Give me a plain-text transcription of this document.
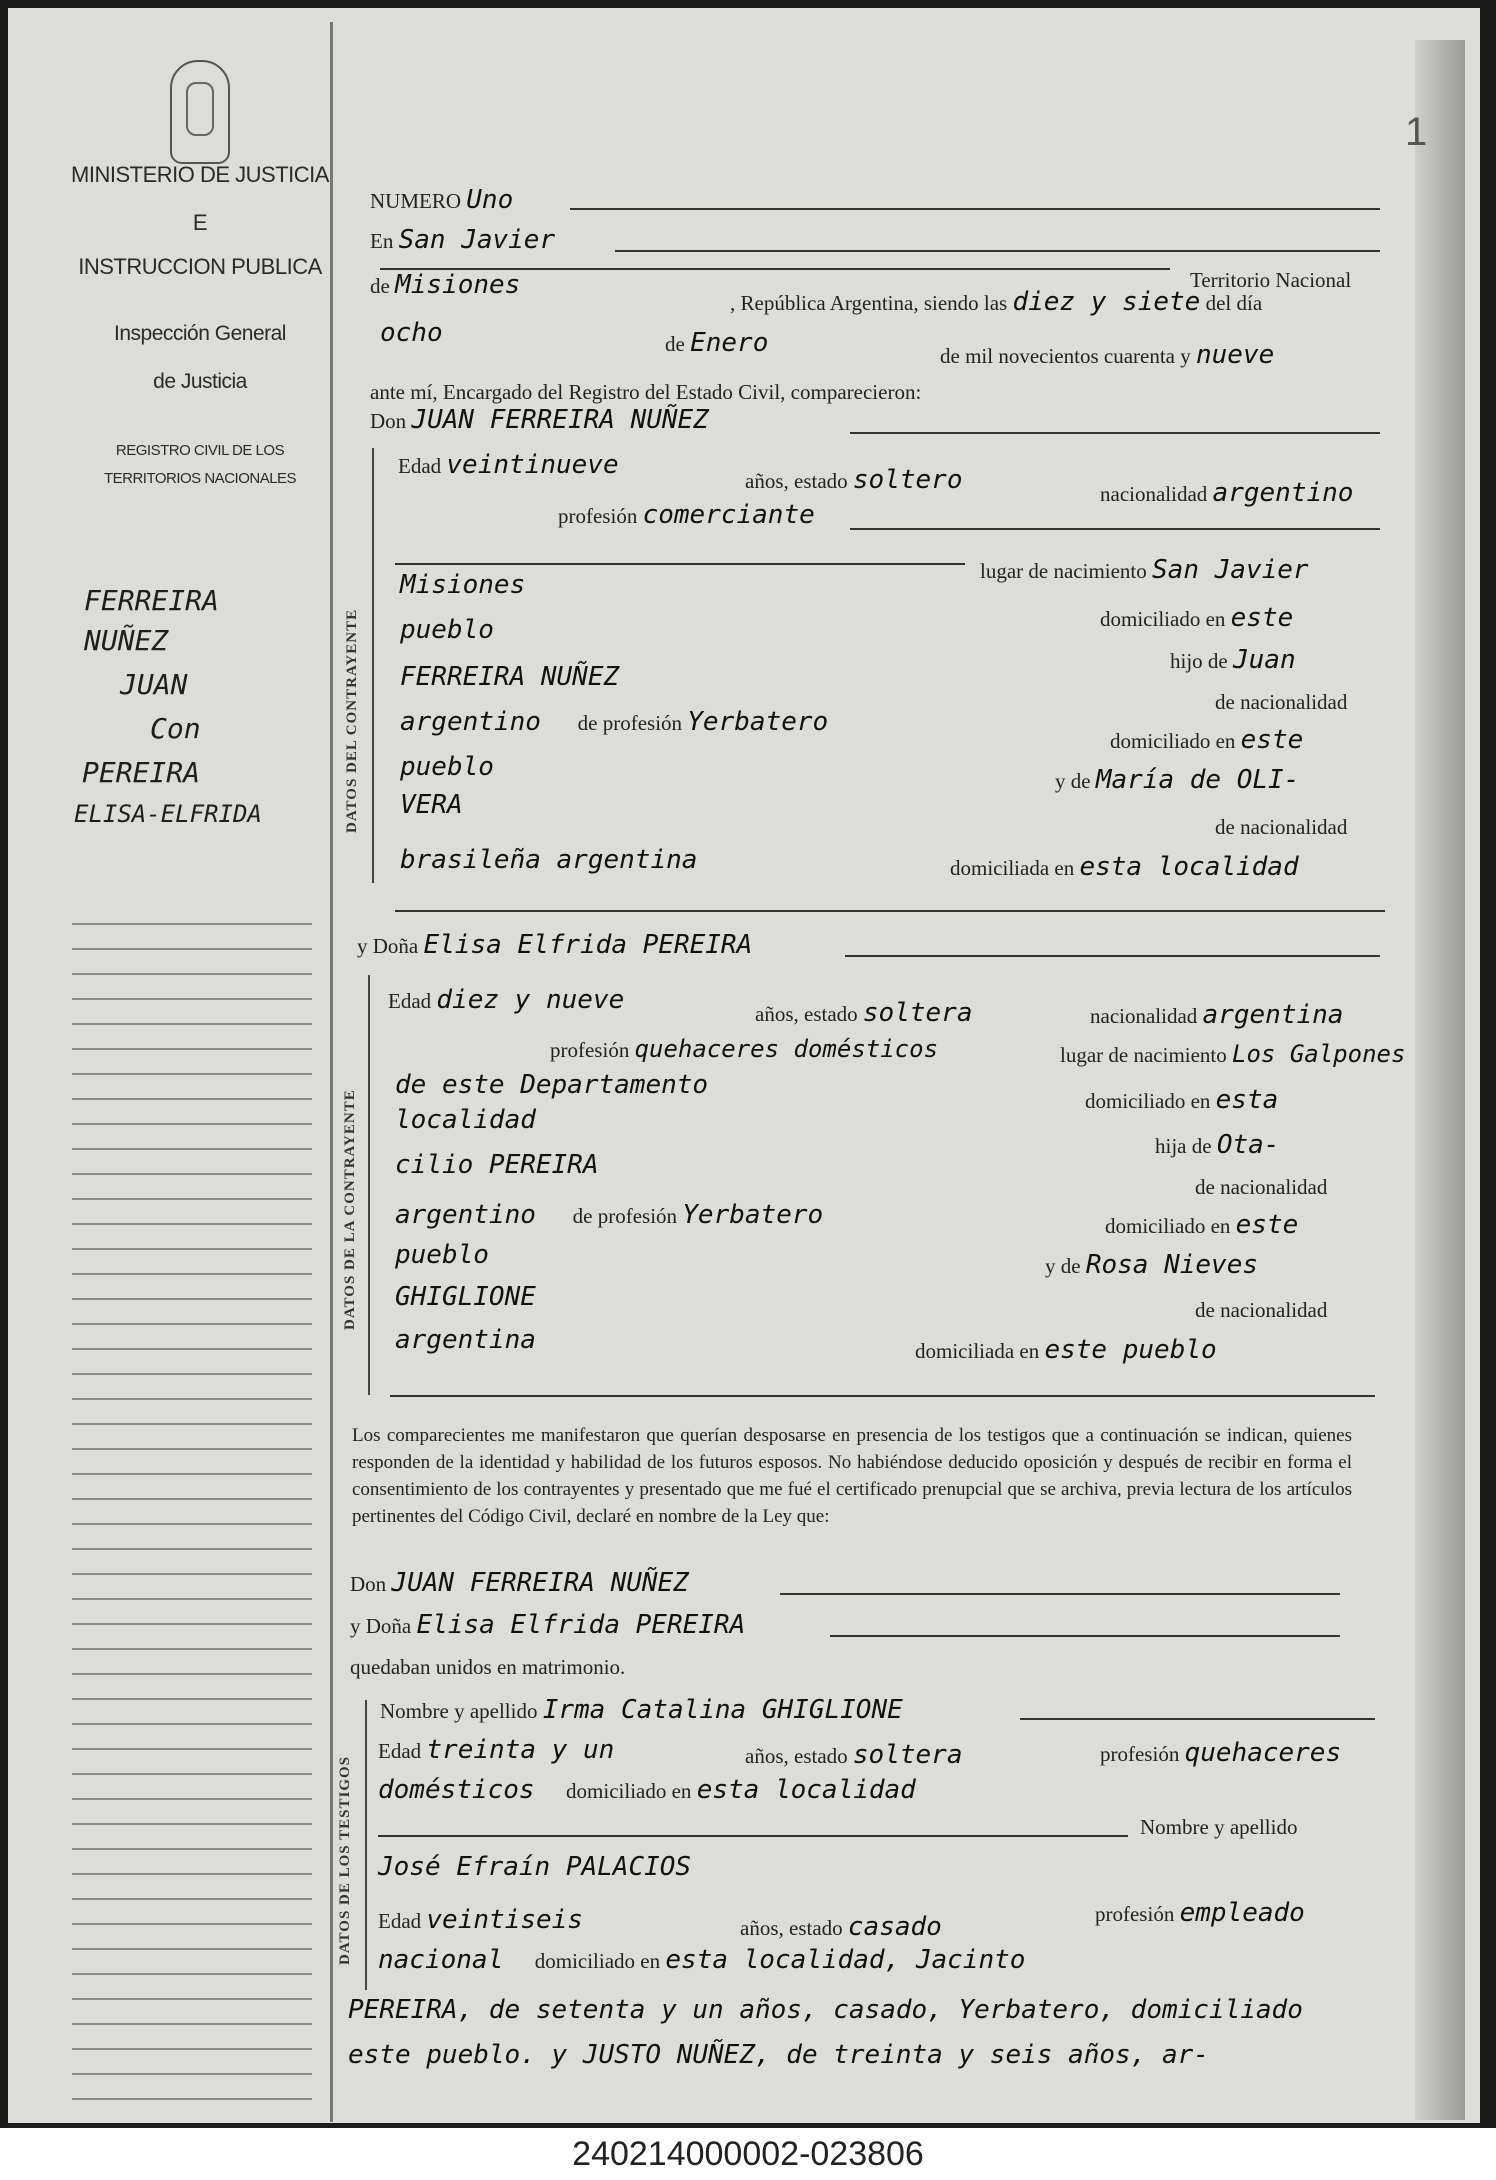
MINISTERIO DE JUSTICIA
E
INSTRUCCION PUBLICA
Inspección General
de Justicia
REGISTRO CIVIL DE LOS
TERRITORIOS NACIONALES
FERREIRA
NUÑEZ
JUAN
Con
PEREIRA
ELISA-ELFRIDA
1
NUMERO Uno
En San Javier
Territorio Nacional
de Misiones
, República Argentina, siendo las diez y siete del día
ocho	de Enero	de mil novecientos cuarenta y nueve
ante mí, Encargado del Registro del Estado Civil, comparecieron:
Don JUAN FERREIRA NUÑEZ
DATOS DEL CONTRAYENTE
Edad veintinueve
años, estado soltero	nacionalidad argentino
profesión comerciante
lugar de nacimiento San Javier
Misiones
domiciliado en este
pueblo
hijo de Juan
FERREIRA NUÑEZ
de nacionalidad
argentino de profesión Yerbatero
domiciliado en este
pueblo	y de María de OLI-
VERA
de nacionalidad
brasileña argentina	domiciliada en esta localidad
y Doña Elisa Elfrida PEREIRA
DATOS DE LA CONTRAYENTE
Edad diez y nueve	años, estado soltera	nacionalidad argentina
profesión quehaceres domésticos	lugar de nacimiento Los Galpones
de este Departamento
domiciliado en esta
localidad
hija de Ota-
cilio PEREIRA
de nacionalidad
argentino de profesión Yerbatero	domiciliado en este
pueblo	y de Rosa Nieves
GHIGLIONE	de nacionalidad
argentina	domiciliada en este pueblo
Los comparecientes me manifestaron que querían desposarse en presencia de los testigos que a continuación se indican, quienes responden de la identidad y habilidad de los futuros esposos. No habiéndose deducido oposición y después de recibir en forma el consentimiento de los contrayentes y presentado que me fué el certificado prenupcial que se archiva, previa lectura de los artículos pertinentes del Código Civil, declaré en nombre de la Ley que:
Don JUAN FERREIRA NUÑEZ
y Doña Elisa Elfrida PEREIRA
quedaban unidos en matrimonio.
DATOS DE LOS TESTIGOS
Nombre y apellido Irma Catalina GHIGLIONE
Edad treinta y un	años, estado soltera	profesión quehaceres
domésticos domiciliado en esta localidad
Nombre y apellido
José Efraín PALACIOS
Edad veintiseis	años, estado casado	profesión empleado
nacional domiciliado en esta localidad, Jacinto
PEREIRA, de setenta y un años, casado, Yerbatero, domiciliado
este pueblo. y JUSTO NUÑEZ, de treinta y seis años, ar-
240214000002-023806
